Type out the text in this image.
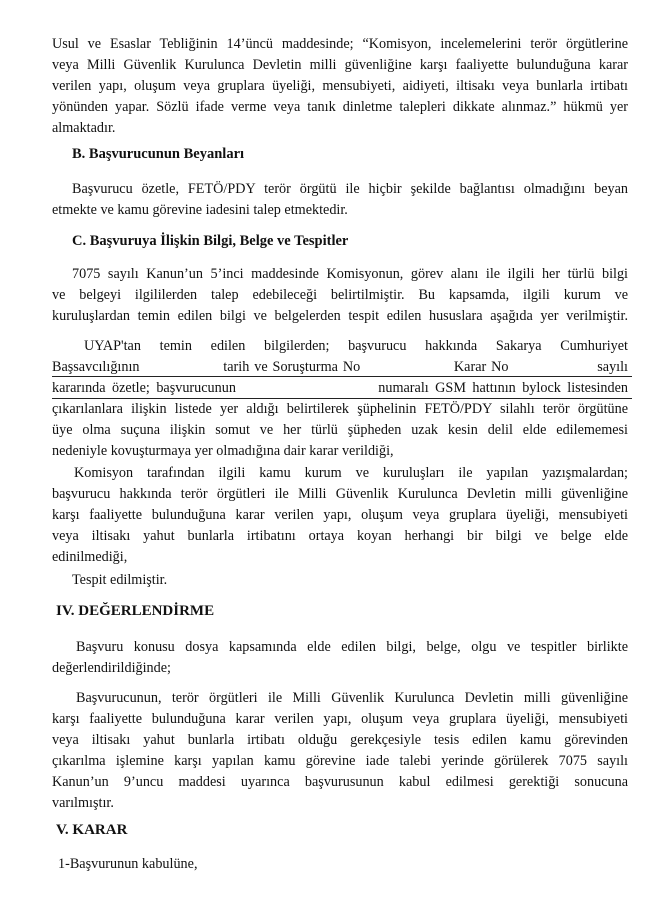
Usul ve Esaslar Tebliğinin 14’üncü maddesinde; “Komisyon, incelemelerini terör örgütlerine
veya Milli Güvenlik Kurulunca Devletin milli güvenliğine karşı faaliyette bulunduğuna karar
verilen yapı, oluşum veya gruplara üyeliği, mensubiyeti, aidiyeti, iltisakı veya bunlarla irtibatı
yönünden yapar. Sözlü ifade verme veya tanık dinletme talepleri dikkate alınmaz.” hükmü yer
almaktadır.
B. Başvurucunun Beyanları
Başvurucu özetle, FETÖ/PDY terör örgütü ile hiçbir şekilde bağlantısı olmadığını beyan
etmekte ve kamu görevine iadesini talep etmektedir.
C. Başvuruya İlişkin Bilgi, Belge ve Tespitler
7075 sayılı Kanun’un 5’inci maddesinde Komisyonun, görev alanı ile ilgili her türlü bilgi
ve belgeyi ilgililerden talep edebileceği belirtilmiştir. Bu kapsamda, ilgili kurum ve
kuruluşlardan temin edilen bilgi ve belgelerden tespit edilen hususlara aşağıda yer verilmiştir.
UYAP'tan temin edilen bilgilerden; başvurucu hakkında Sakarya Cumhuriyet
Başsavcılığının                 tarih ve Soruşturma No                   Karar No                  sayılı
kararında özetle; başvurucunun                      numaralı GSM hattının bylock listesinden
çıkarılanlara ilişkin listede yer aldığı belirtilerek şüphelinin FETÖ/PDY silahlı terör örgütüne
üye olma suçuna ilişkin somut ve her türlü şüpheden uzak kesin delil elde edilememesi
nedeniyle kovuşturmaya yer olmadığına dair karar verildiği,
Komisyon tarafından ilgili kamu kurum ve kuruluşları ile yapılan yazışmalardan;
başvurucu hakkında terör örgütleri ile Milli Güvenlik Kurulunca Devletin milli güvenliğine
karşı faaliyette bulunduğuna karar verilen yapı, oluşum veya gruplara üyeliği, mensubiyeti
veya iltisakı yahut bunlarla irtibatını ortaya koyan herhangi bir bilgi ve belge elde
edinilmediği,
Tespit edilmiştir.
IV. DEĞERLENDİRME
Başvuru konusu dosya kapsamında elde edilen bilgi, belge, olgu ve tespitler birlikte
değerlendirildiğinde;
Başvurucunun, terör örgütleri ile Milli Güvenlik Kurulunca Devletin milli güvenliğine
karşı faaliyette bulunduğuna karar verilen yapı, oluşum veya gruplara üyeliği, mensubiyeti
veya iltisakı yahut bunlarla irtibatı olduğu gerekçesiyle tesis edilen kamu görevinden
çıkarılma işlemine karşı yapılan kamu görevine iade talebi yerinde görülerek 7075 sayılı
Kanun’un 9’uncu maddesi uyarınca başvurusunun kabul edilmesi gerektiği sonucuna
varılmıştır.
V. KARAR
1-Başvurunun kabulüne,
